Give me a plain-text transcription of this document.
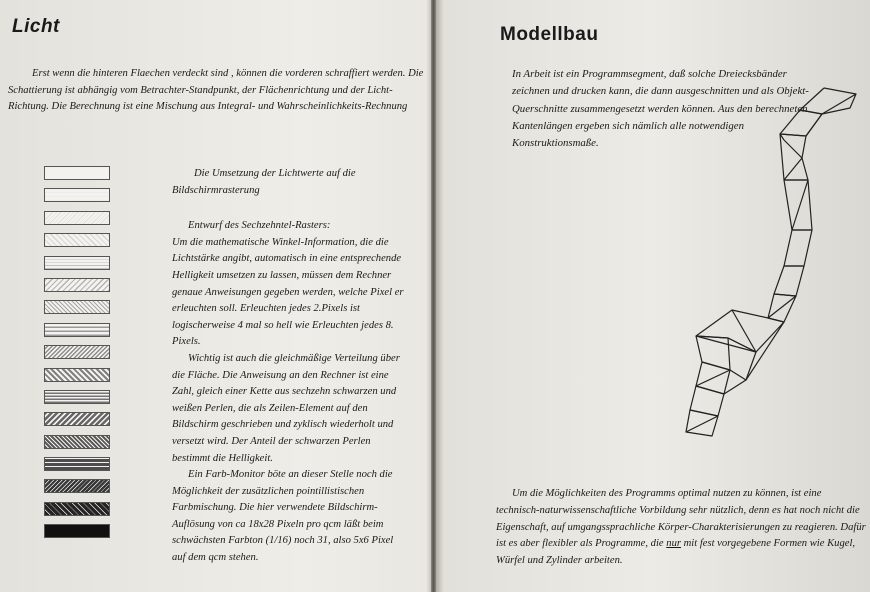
Licht
Erst wenn die hinteren Flaechen verdeckt sind , können die vorderen schraffiert werden. Die Schattierung ist abhängig vom Betrachter-Standpunkt, der Flächenrichtung und der Licht-Richtung. Die Berechnung ist eine Mischung aus Integral- und Wahrscheinlichkeits-Rechnung

Die Umsetzung der Lichtwerte auf die Bildschirmrasterung

Entwurf des Sechzehntel-Rasters:

Um die mathematische Winkel-Information, die die Lichtstärke angibt, automatisch in eine entsprechende Helligkeit umsetzen zu lassen, müssen dem Rechner genaue Anweisungen gegeben werden, welche Pixel er erleuchten soll. Erleuchten jedes 2.Pixels ist logischerweise 4 mal so hell wie Erleuchten jedes 8. Pixels.

Wichtig ist auch die gleichmäßige Verteilung über die Fläche. Die Anweisung an den Rechner ist eine Zahl, gleich einer Kette aus sechzehn schwarzen und weißen Perlen, die als Zeilen-Element auf den Bildschirm geschrieben und zyklisch wiederholt und versetzt wird. Der Anteil der schwarzen Perlen bestimmt die Helligkeit.

Ein Farb-Monitor böte an dieser Stelle noch die Möglichkeit der zusätzlichen pointillistischen Farbmischung. Die hier verwendete Bildschirm-Auflösung von ca 18x28 Pixeln pro qcm läßt beim schwächsten Farbton (1/16) noch 31, also 5x6 Pixel auf dem qcm stehen.

Modellbau
In Arbeit ist ein Programmsegment, daß solche Dreiecksbänder zeichnen und drucken kann, die dann ausgeschnitten und als Objekt-Querschnitte zusammengesetzt werden können. Aus den berechneten Kantenlängen ergeben sich nämlich alle notwendigen Konstruktionsmaße.
Um die Möglichkeiten des Programms optimal nutzen zu können, ist eine technisch-naturwissenschaftliche Vorbildung sehr nützlich, denn es hat noch nicht die Eigenschaft, auf umgangssprachliche Körper-Charakterisierungen zu reagieren. Dafür ist es aber flexibler als Programme, die nur mit fest vorgegebene Formen wie Kugel, Würfel und Zylinder arbeiten.
